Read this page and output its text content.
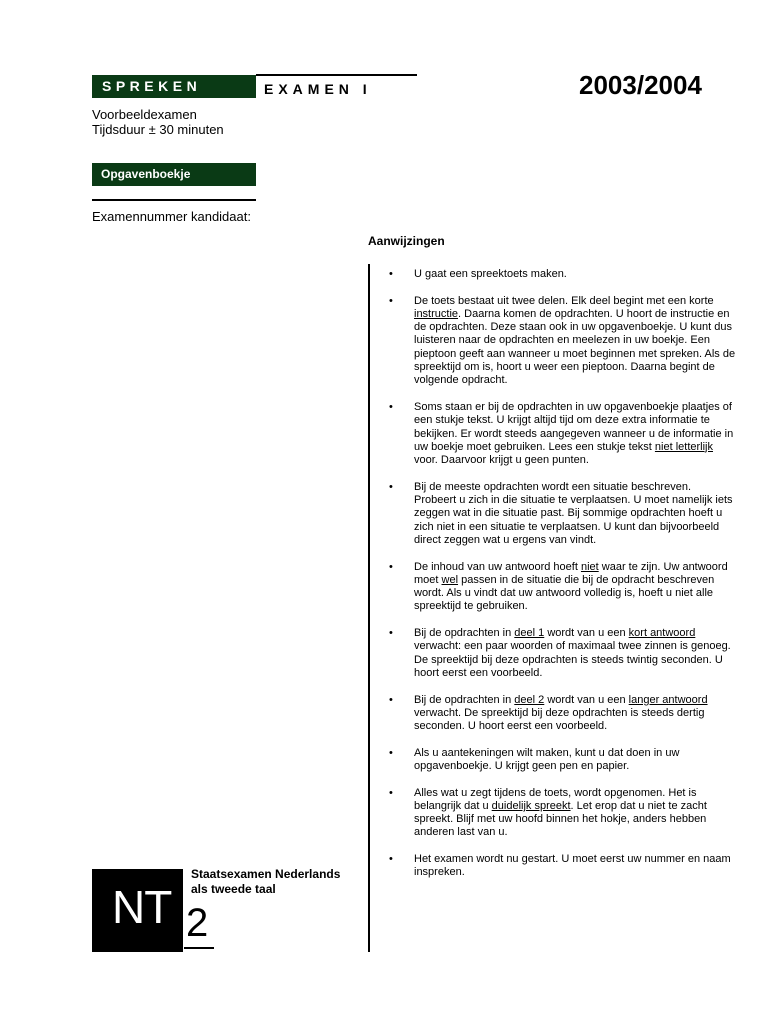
SPREKEN	EXAMEN I	2003/2004
Voorbeeldexamen
Tijdsduur ± 30 minuten
Opgavenboekje
Examennummer kandidaat:
Aanwijzingen
• U gaat een spreektoets maken.
• De toets bestaat uit twee delen. Elk deel begint met een korte instructie. Daarna komen de opdrachten. U hoort de instructie en de opdrachten. Deze staan ook in uw opgavenboekje. U kunt dus luisteren naar de opdrachten en meelezen in uw boekje. Een pieptoon geeft aan wanneer u moet beginnen met spreken. Als de spreektijd om is, hoort u weer een pieptoon. Daarna begint de volgende opdracht.
• Soms staan er bij de opdrachten in uw opgavenboekje plaatjes of een stukje tekst. U krijgt altijd tijd om deze extra informatie te bekijken. Er wordt steeds aangegeven wanneer u de informatie in uw boekje moet gebruiken. Lees een stukje tekst niet letterlijk voor. Daarvoor krijgt u geen punten.
• Bij de meeste opdrachten wordt een situatie beschreven. Probeert u zich in die situatie te verplaatsen. U moet namelijk iets zeggen wat in die situatie past. Bij sommige opdrachten hoeft u zich niet in een situatie te verplaatsen. U kunt dan bijvoorbeeld direct zeggen wat u ergens van vindt.
• De inhoud van uw antwoord hoeft niet waar te zijn. Uw antwoord moet wel passen in de situatie die bij de opdracht beschreven wordt. Als u vindt dat uw antwoord volledig is, hoeft u niet alle spreektijd te gebruiken.
• Bij de opdrachten in deel 1 wordt van u een kort antwoord verwacht: een paar woorden of maximaal twee zinnen is genoeg. De spreektijd bij deze opdrachten is steeds twintig seconden. U hoort eerst een voorbeeld.
• Bij de opdrachten in deel 2 wordt van u een langer antwoord verwacht. De spreektijd bij deze opdrachten is steeds dertig seconden. U hoort eerst een voorbeeld.
• Als u aantekeningen wilt maken, kunt u dat doen in uw opgavenboekje. U krijgt geen pen en papier.
• Alles wat u zegt tijdens de toets, wordt opgenomen. Het is belangrijk dat u duidelijk spreekt. Let erop dat u niet te zacht spreekt. Blijf met uw hoofd binnen het hokje, anders hebben anderen last van u.
• Het examen wordt nu gestart. U moet eerst uw nummer en naam inspreken.
NT 2
Staatsexamen Nederlands
als tweede taal
